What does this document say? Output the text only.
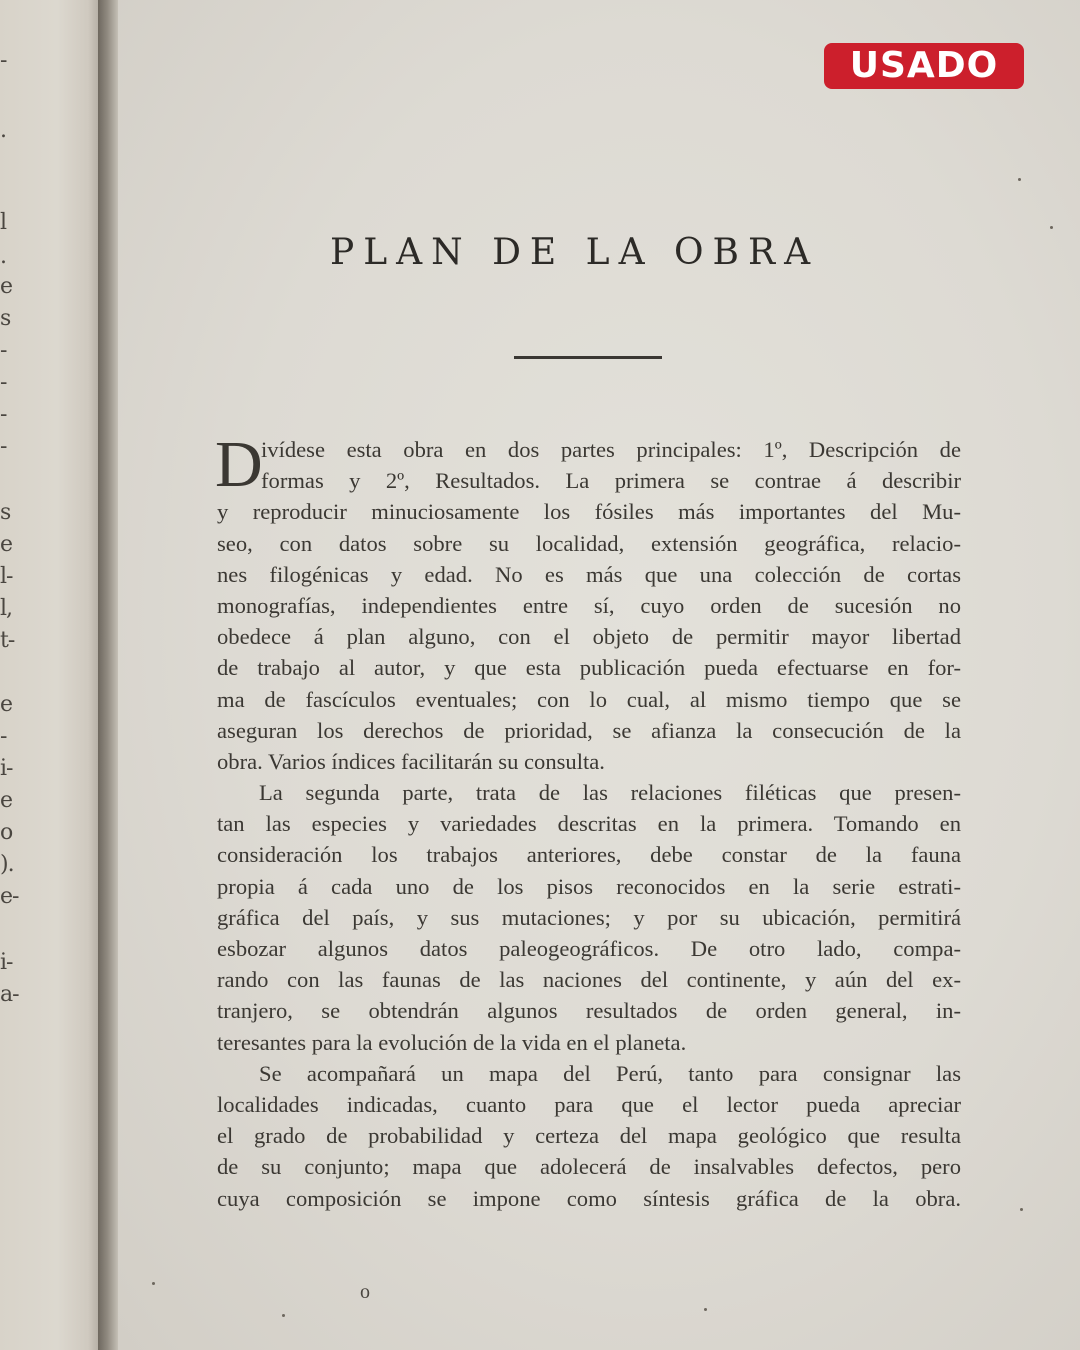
-
.
l
.
e
s
-
-
-
-
s
e
l-
l,
t-
e
-
i-
e
o
).
e-
i-
a-
USADO
PLAN DE LA OBRA
D
ivídese esta obra en dos partes principales: 1º, Descripción de
formas y 2º, Resultados. La primera se contrae á describir
y reproducir minuciosamente los fósiles más importantes del Mu-
seo, con datos sobre su localidad, extensión geográfica, relacio-
nes filogénicas y edad. No es más que una colección de cortas
monografías, independientes entre sí, cuyo orden de sucesión no
obedece á plan alguno, con el objeto de permitir mayor libertad
de trabajo al autor, y que esta publicación pueda efectuarse en for-
ma de fascículos eventuales; con lo cual, al mismo tiempo que se
aseguran los derechos de prioridad, se afianza la consecución de la
obra. Varios índices facilitarán su consulta.
La segunda parte, trata de las relaciones filéticas que presen-
tan las especies y variedades descritas en la primera. Tomando en
consideración los trabajos anteriores, debe constar de la fauna
propia á cada uno de los pisos reconocidos en la serie estrati-
gráfica del país, y sus mutaciones; y por su ubicación, permitirá
esbozar algunos datos paleogeográficos. De otro lado, compa-
rando con las faunas de las naciones del continente, y aún del ex-
tranjero, se obtendrán algunos resultados de orden general, in-
teresantes para la evolución de la vida en el planeta.
Se acompañará un mapa del Perú, tanto para consignar las
localidades indicadas, cuanto para que el lector pueda apreciar
el grado de probabilidad y certeza del mapa geológico que resulta
de su conjunto; mapa que adolecerá de insalvables defectos, pero
cuya composición se impone como síntesis gráfica de la obra.
o
